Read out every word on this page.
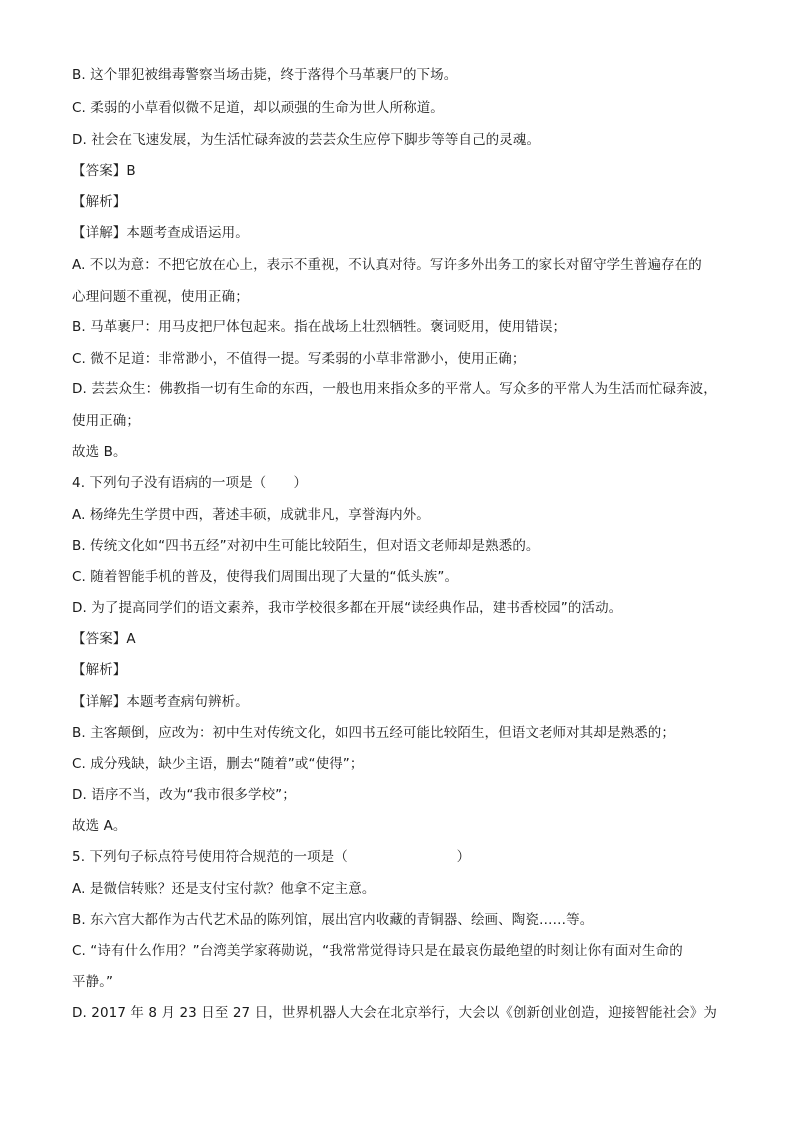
B. 这个罪犯被缉毒警察当场击毙，终于落得个马革裹尸的下场。
C. 柔弱的小草看似微不足道，却以顽强的生命为世人所称道。
D. 社会在飞速发展，为生活忙碌奔波的芸芸众生应停下脚步等等自己的灵魂。
【答案】B
【解析】
【详解】本题考查成语运用。
A. 不以为意：不把它放在心上，表示不重视，不认真对待。写许多外出务工的家长对留守学生普遍存在的
心理问题不重视，使用正确；
B. 马革裹尸：用马皮把尸体包起来。指在战场上壮烈牺牲。褒词贬用，使用错误；
C. 微不足道：非常渺小，不值得一提。写柔弱的小草非常渺小，使用正确；
D. 芸芸众生：佛教指一切有生命的东西，一般也用来指众多的平常人。写众多的平常人为生活而忙碌奔波，
使用正确；
故选 B。
4. 下列句子没有语病的一项是（　　）
A. 杨绛先生学贯中西，著述丰硕，成就非凡，享誉海内外。
B. 传统文化如“四书五经”对初中生可能比较陌生，但对语文老师却是熟悉的。
C. 随着智能手机的普及，使得我们周围出现了大量的“低头族”。
D. 为了提高同学们的语文素养，我市学校很多都在开展“读经典作品，建书香校园”的活动。
【答案】A
【解析】
【详解】本题考查病句辨析。
B. 主客颠倒，应改为：初中生对传统文化，如四书五经可能比较陌生，但语文老师对其却是熟悉的；
C. 成分残缺，缺少主语，删去“随着”或“使得”；
D. 语序不当，改为“我市很多学校”；
故选 A。
5. 下列句子标点符号使用符合规范的一项是（　　　　　　　　）
A. 是微信转账？还是支付宝付款？他拿不定主意。
B. 东六宫大都作为古代艺术品的陈列馆，展出宫内收藏的青铜器、绘画、陶瓷……等。
C. “诗有什么作用？”台湾美学家蒋勋说，“我常常觉得诗只是在最哀伤最绝望的时刻让你有面对生命的
平静。”
D. 2017 年 8 月 23 日至 27 日，世界机器人大会在北京举行，大会以《创新创业创造，迎接智能社会》为
